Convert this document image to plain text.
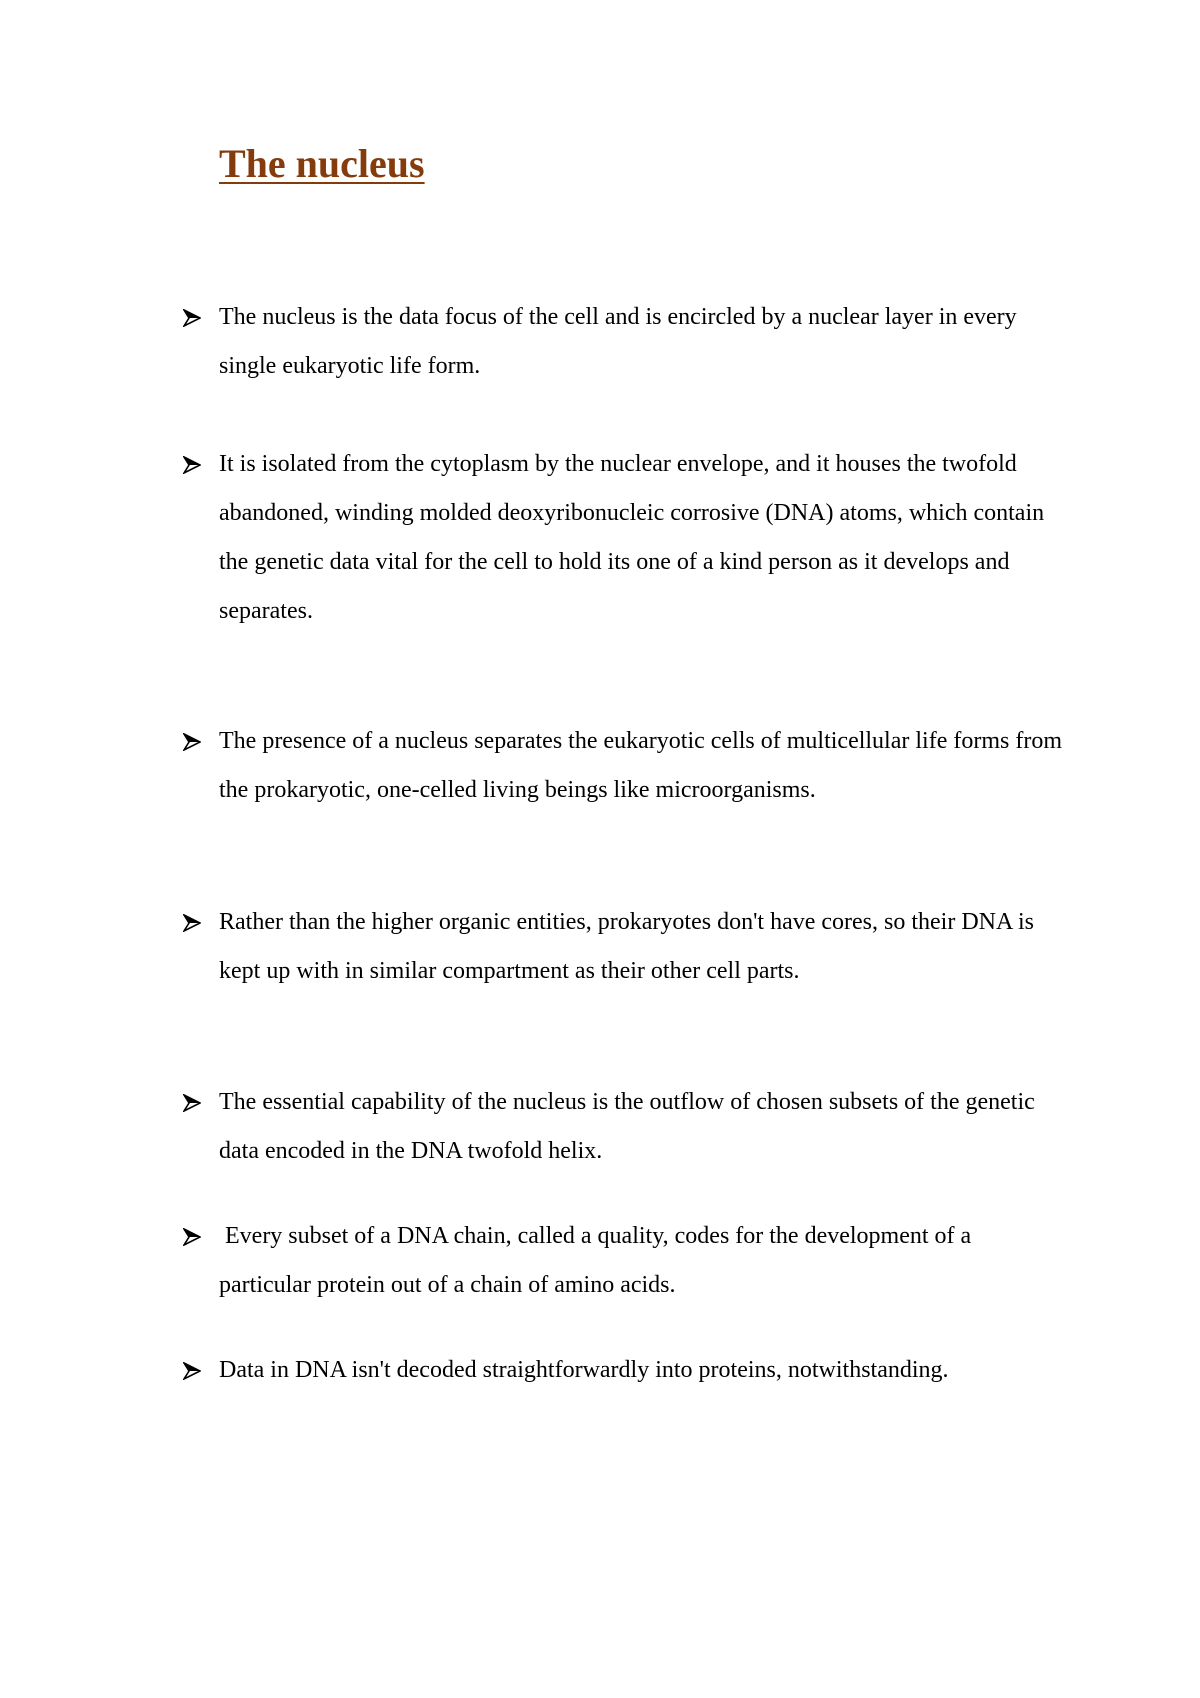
The nucleus
The nucleus is the data focus of the cell and is encircled by a nuclear layer in every single eukaryotic life form.
It is isolated from the cytoplasm by the nuclear envelope, and it houses the twofold abandoned, winding molded deoxyribonucleic corrosive (DNA) atoms, which contain the genetic data vital for the cell to hold its one of a kind person as it develops and separates.
The presence of a nucleus separates the eukaryotic cells of multicellular life forms from the prokaryotic, one-celled living beings like microorganisms.
Rather than the higher organic entities, prokaryotes don't have cores, so their DNA is kept up with in similar compartment as their other cell parts.
The essential capability of the nucleus is the outflow of chosen subsets of the genetic data encoded in the DNA twofold helix.
Every subset of a DNA chain, called a quality, codes for the development of a particular protein out of a chain of amino acids.
Data in DNA isn't decoded straightforwardly into proteins, notwithstanding.
